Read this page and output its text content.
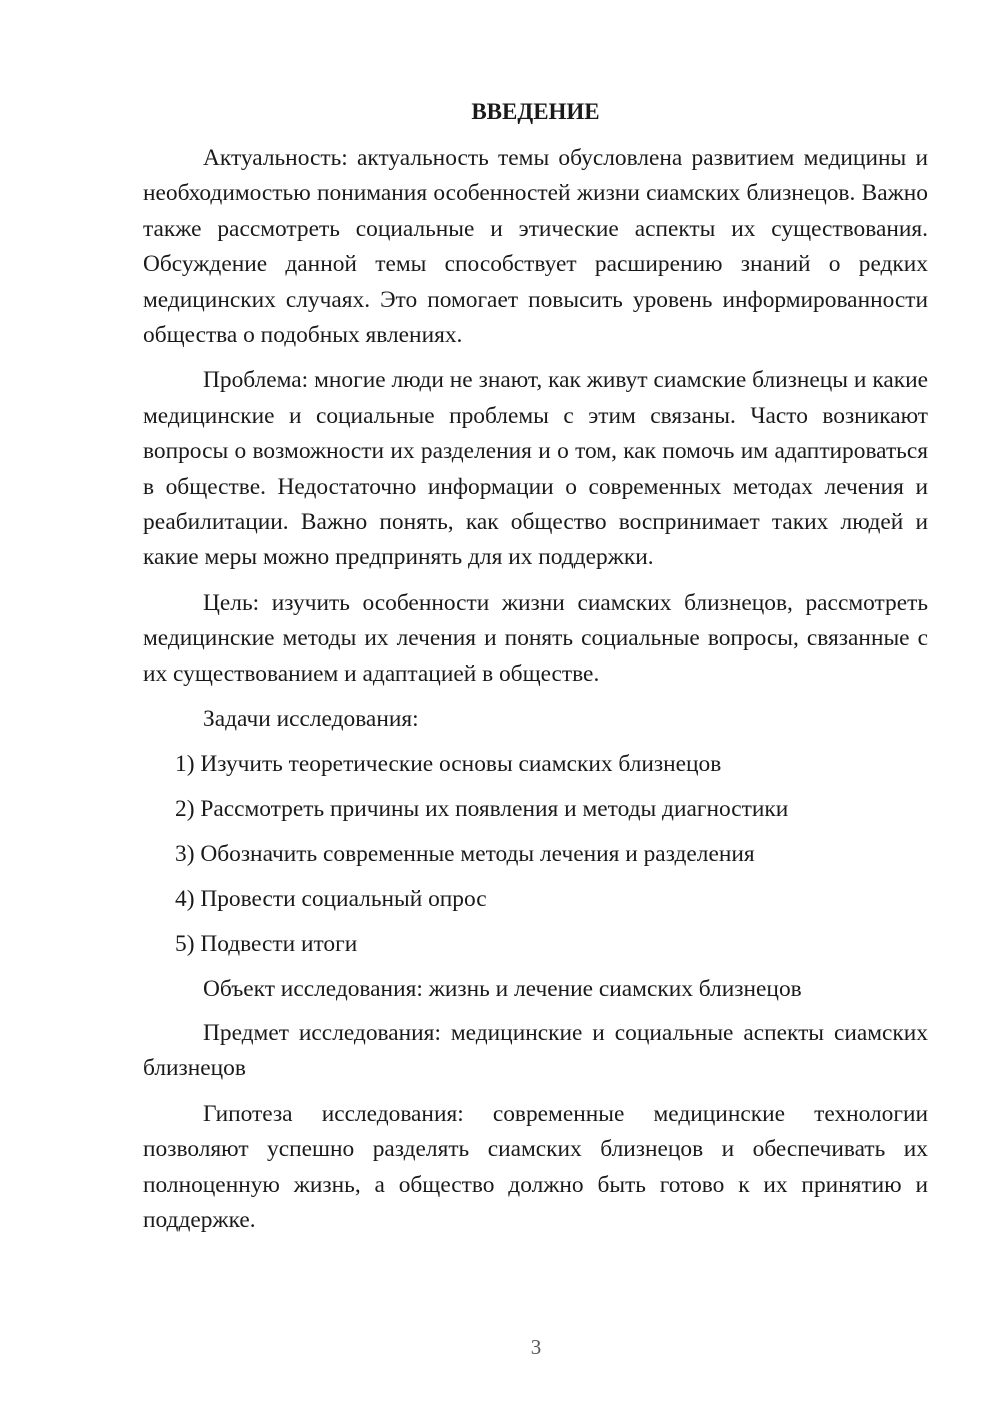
ВВЕДЕНИЕ

Актуальность: актуальность темы обусловлена развитием медицины и необходимостью понимания особенностей жизни сиамских близнецов. Важно также рассмотреть социальные и этические аспекты их существования. Обсуждение данной темы способствует расширению знаний о редких медицинских случаях. Это помогает повысить уровень информированности общества о подобных явлениях.

Проблема: многие люди не знают, как живут сиамские близнецы и какие медицинские и социальные проблемы с этим связаны. Часто возникают вопросы о возможности их разделения и о том, как помочь им адаптироваться в обществе. Недостаточно информации о современных методах лечения и реабилитации. Важно понять, как общество воспринимает таких людей и какие меры можно предпринять для их поддержки.

Цель: изучить особенности жизни сиамских близнецов, рассмотреть медицинские методы их лечения и понять социальные вопросы, связанные с их существованием и адаптацией в обществе.

Задачи исследования:

1) Изучить теоретические основы сиамских близнецов
2) Рассмотреть причины их появления и методы диагностики
3) Обозначить современные методы лечения и разделения
4) Провести социальный опрос
5) Подвести итоги

Объект исследования: жизнь и лечение сиамских близнецов

Предмет исследования: медицинские и социальные аспекты сиамских близнецов

Гипотеза исследования: современные медицинские технологии позволяют успешно разделять сиамских близнецов и обеспечивать их полноценную жизнь, а общество должно быть готово к их принятию и поддержке.

3
